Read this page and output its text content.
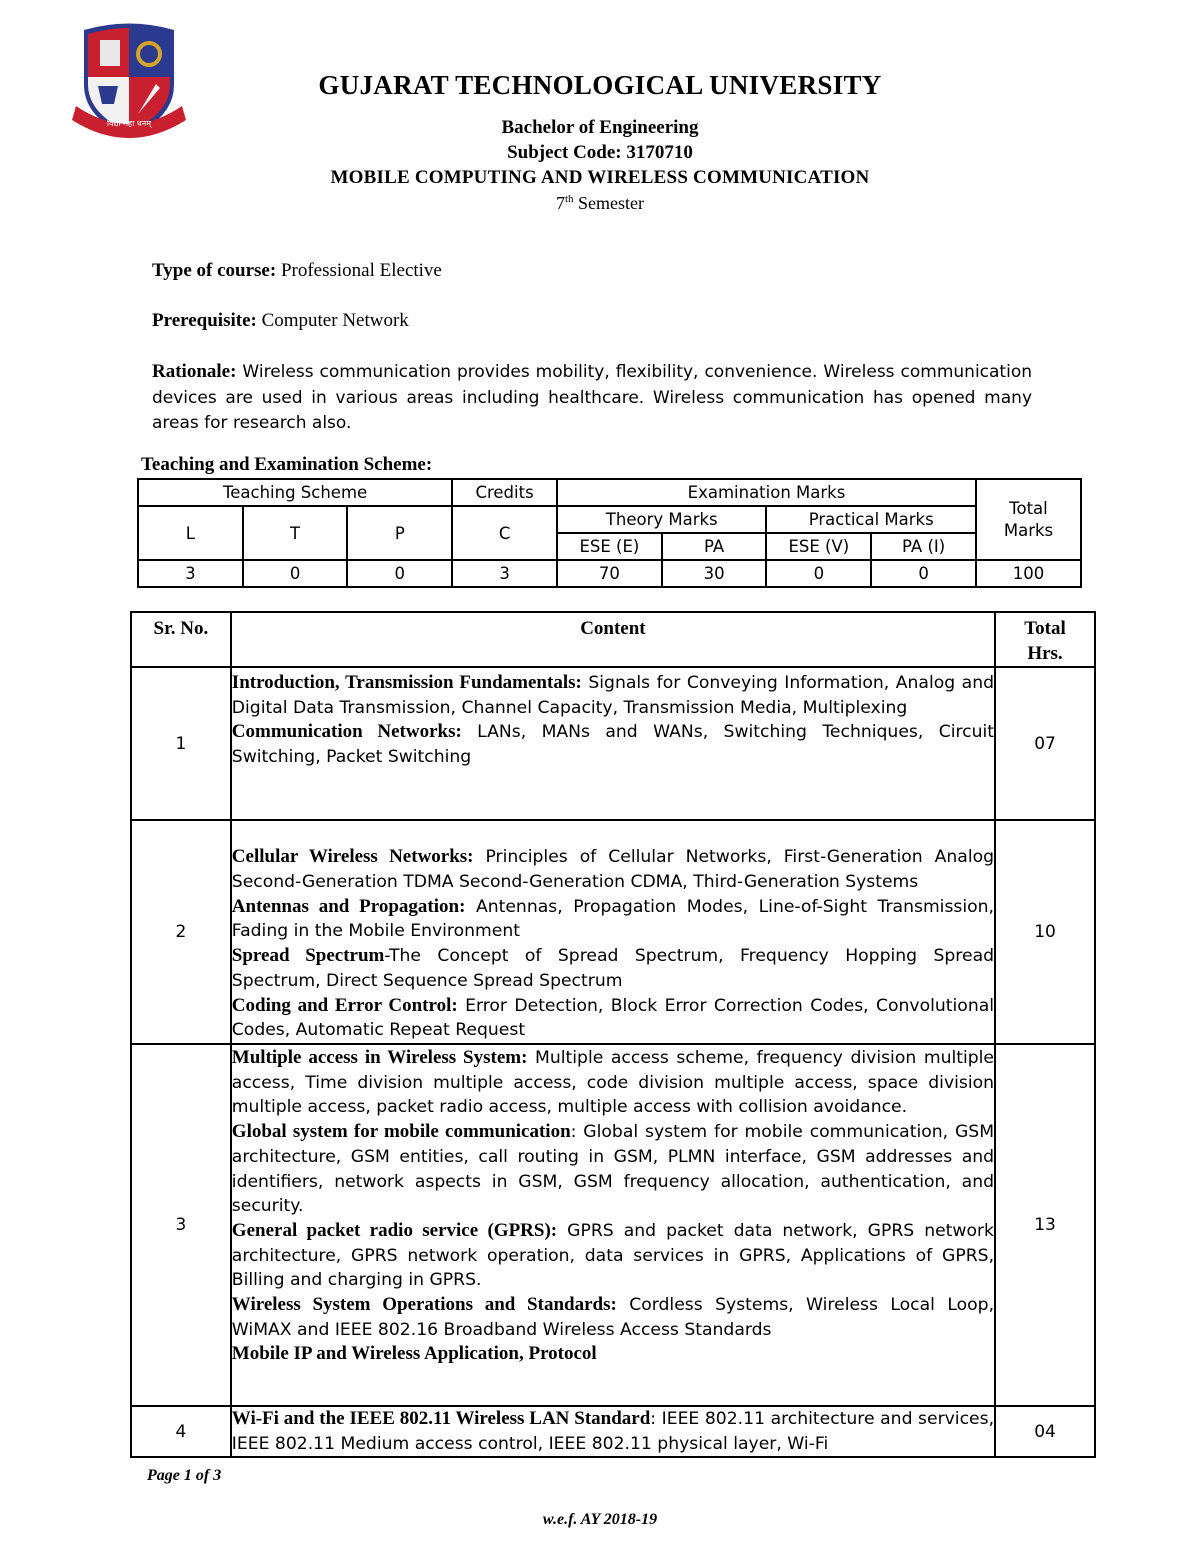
विद्या महा धनम्
GUJARAT TECHNOLOGICAL UNIVERSITY
Bachelor of Engineering
Subject Code: 3170710
MOBILE COMPUTING AND WIRELESS COMMUNICATION
7th Semester
Type of course: Professional Elective
Prerequisite: Computer Network
Rationale: Wireless communication provides mobility, flexibility, convenience. Wireless communication devices are used in various areas including healthcare. Wireless communication has opened many areas for research also.
Teaching and Examination Scheme:
Teaching Scheme			Credits	Examination Marks				Total Marks
L	T	P	C	Theory Marks		Practical Marks		
				ESE (E)	PA	ESE (V)	PA (I)	
3	0	0	3	70	30	0	0	100
Sr. No.	Content	Total Hrs.
1	Introduction, Transmission Fundamentals: Signals for Conveying Information, Analog and Digital Data Transmission, Channel Capacity, Transmission Media, Multiplexing
Communication Networks: LANs, MANs and WANs, Switching Techniques, Circuit Switching, Packet Switching	07
2	Cellular Wireless Networks: Principles of Cellular Networks, First-Generation Analog Second-Generation TDMA Second-Generation CDMA, Third-Generation Systems
Antennas and Propagation: Antennas, Propagation Modes, Line-of-Sight Transmission, Fading in the Mobile Environment
Spread Spectrum-The Concept of Spread Spectrum, Frequency Hopping Spread Spectrum, Direct Sequence Spread Spectrum
Coding and Error Control: Error Detection, Block Error Correction Codes, Convolutional Codes, Automatic Repeat Request	10
3	Multiple access in Wireless System: Multiple access scheme, frequency division multiple access, Time division multiple access, code division multiple access, space division multiple access, packet radio access, multiple access with collision avoidance.
Global system for mobile communication: Global system for mobile communication, GSM architecture, GSM entities, call routing in GSM, PLMN interface, GSM addresses and identifiers, network aspects in GSM, GSM frequency allocation, authentication, and security.
General packet radio service (GPRS): GPRS and packet data network, GPRS network architecture, GPRS network operation, data services in GPRS, Applications of GPRS, Billing and charging in GPRS.
Wireless System Operations and Standards: Cordless Systems, Wireless Local Loop, WiMAX and IEEE 802.16 Broadband Wireless Access Standards
Mobile IP and Wireless Application, Protocol	13
4	Wi-Fi and the IEEE 802.11 Wireless LAN Standard: IEEE 802.11 architecture and services, IEEE 802.11 Medium access control, IEEE 802.11 physical layer, Wi-Fi	04
Page 1 of 3
w.e.f. AY 2018-19
